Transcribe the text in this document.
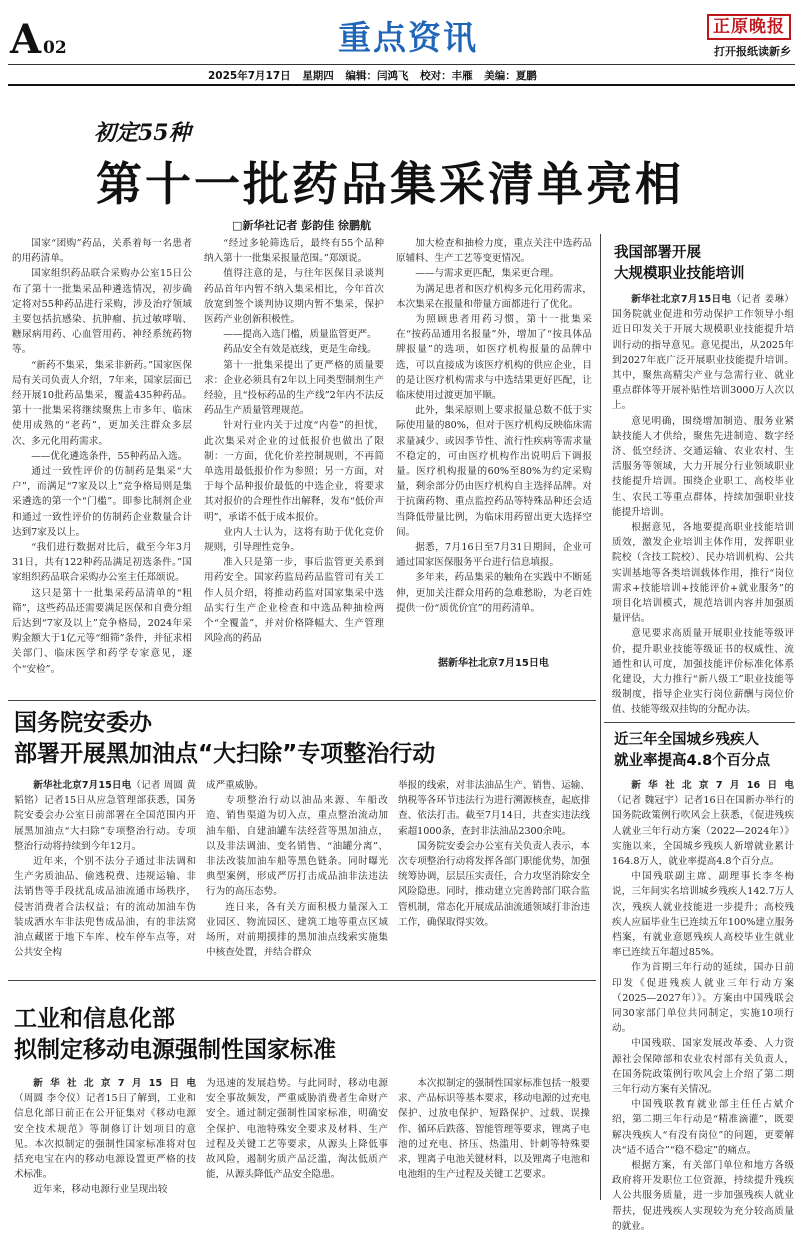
A 02	重点资讯	正原晚报
打开报纸读新乡
2025年7月17日 星期四 编辑：闫鸿飞 校对：丰雁 美编：夏鹏
初定55种
第十一批药品集采清单亮相
□新华社记者 彭韵佳 徐鹏航

国家“团购”药品，关系着每一名患者的用药清单。

国家组织药品联合采购办公室15日公布了第十一批集采品种遴选情况，初步确定将对55种药品进行采购，涉及治疗领域主要包括抗感染、抗肿瘤、抗过敏哮喘、糖尿病用药、心血管用药、神经系统药物等。

“新药不集采，集采非新药。”国家医保局有关司负责人介绍，7年来，国家层面已经开展10批药品集采，覆盖435种药品。第十一批集采将继续聚焦上市多年、临床使用成熟的“老药”，更加关注群众多层次、多元化用药需求。

——优化遴选条件，55种药品入选。

通过一致性评价的仿制药是集采“大户”，而满足“7家及以上”竞争格局则是集采遴选的第一个“门槛”。即参比制剂企业和通过一致性评价的仿制药企业数量合计达到7家及以上。

“我们进行数据对比后，截至今年3月31日，共有122种药品满足初选条件。”国家组织药品联合采购办公室主任郑颂说。

这只是第十一批集采药品清单的“粗筛”，这些药品还需要满足医保和自费分组后达到“7家及以上”竞争格局，2024年采购金额大于1亿元等“细筛”条件，并征求相关部门、临床医学和药学专家意见，逐个“安检”。

“经过多轮筛选后，最终有55个品种纳入第十一批集采报量范围。”郑颂说。

值得注意的是，与往年医保目录谈判药品首年内暂不纳入集采相比，今年首次放宽到签个谈判协议期内暂不集采，保护医药产业创新积极性。

——提高入选门槛，质量监管更严。

药品安全有效是底线，更是生命线。

第十一批集采提出了更严格的质量要求：企业必须具有2年以上同类型制剂生产经验，且“投标药品的生产线”2年内不法反药品生产质量管理规范。

针对行业内关于过度“内卷”的担忧，此次集采对企业的过低报价也做出了限制：一方面，优化价差控制规则，不再简单选用最低报价作为参照；另一方面，对于每个品种报价最低的中选企业，将要求其对报价的合理性作出解释，发布“低价声明”，承诺不低于成本报价。

业内人士认为，这将有助于优化竞价规则，引导理性竞争。

准入只是第一步，事后监管更关系到用药安全。国家药监局药品监管司有关工作人员介绍，将推动药监对国家集采中选品实行生产企业检查和中选品种抽检两个“全覆盖”，并对价格降幅大、生产管理风险高的药品

加大检查和抽检力度，重点关注中选药品原辅料、生产工艺等变更情况。

——与需求更匹配，集采更合理。

为满足患者和医疗机构多元化用药需求，本次集采在报量和带量方面都进行了优化。

为照顾患者用药习惯，第十一批集采在“按药品通用名报量”外，增加了“按具体品牌报量”的选项，如医疗机构报量的品牌中选，可以直接成为该医疗机构的供应企业，目的是让医疗机构需求与中选结果更好匹配，让临床使用过渡更加平顺。

此外，集采原则上要求报量总数不低于实际使用量的80%，但对于医疗机构反映临床需求量减少、或因季节性、流行性疾病等需求量不稳定的，可由医疗机构作出说明后下调报量。医疗机构报量的60%至80%为约定采购量，剩余部分仍由医疗机构自主选择品牌。对于抗菌药物、重点监控药品等特殊品种还会适当降低带量比例，为临床用药留出更大选择空间。

据悉，7月16日至7月31日期间，企业可通过国家医保服务平台进行信息填报。

多年来，药品集采的触角在实践中不断延伸，更加关注群众用药的急难愁盼，为老百姓提供一份“质优价宜”的用药清单。

据新华社北京7月15日电
我国部署开展
大规模职业技能培训

新华社北京7月15日电（记者 姜琳）国务院就业促进和劳动保护工作领导小组近日印发关于开展大规模职业技能提升培训行动的指导意见。意见提出，从2025年到2027年底广泛开展职业技能提升培训。其中，聚焦高精尖产业与急需行业、就业重点群体等开展补贴性培训3000万人次以上。

意见明确，围绕增加制造、服务业紧缺技能人才供给，聚焦先进制造、数字经济、低空经济、交通运输、农业农村、生活服务等领域，大力开展分行业领域职业技能提升培训。围绕企业职工、高校毕业生、农民工等重点群体，持续加强职业技能提升培训。

根据意见，各地要提高职业技能培训质效，激发企业培训主体作用，发挥职业院校（含技工院校）、民办培训机构、公共实训基地等各类培训载体作用，推行“岗位需求+技能培训+技能评价+就业服务”的项目化培训模式，规范培训内容并加强质量评估。

意见要求高质量开展职业技能等级评价，提升职业技能等级证书的权威性、流通性和认可度，加强技能评价标准化体系化建设，大力推行“新八级工”职业技能等级制度，指导企业实行岗位薪酬与岗位价值、技能等级双挂钩的分配办法。

近三年全国城乡残疾人
就业率提高4.8个百分点

新华社北京7月16日电（记者 魏冠宇）记者16日在国新办举行的国务院政策例行吹风会上获悉，《促进残疾人就业三年行动方案（2022—2024年）》实施以来，全国城乡残疾人新增就业累计164.8万人，就业率提高4.8个百分点。

中国残联副主席、副理事长李冬梅说，三年间实名培训城乡残疾人142.7万人次，残疾人就业技能进一步提升；高校残疾人应届毕业生已连续五年100%建立服务档案，有就业意愿残疾人高校毕业生就业率已连续五年超过85%。

作为首期三年行动的延续，国办日前印发《促进残疾人就业三年行动方案（2025—2027年）》。方案由中国残联会同30家部门单位共同制定，实施10项行动。

中国残联、国家发展改革委、人力资源社会保障部和农业农村部有关负责人，在国务院政策例行吹风会上介绍了第二期三年行动方案有关情况。

中国残联教育就业部主任任占斌介绍，第二期三年行动是“精准滴灌”，既要解决残疾人“有没有岗位”的问题，更要解决“适不适合”“稳不稳定”的痛点。

根据方案，有关部门单位和地方各级政府将开发职位工位资源，持续提升残疾人公共服务质量，进一步加强残疾人就业帮扶，促进残疾人实现较为充分较高质量的就业。

国务院安委办
部署开展黑加油点“大扫除”专项整治行动

新华社北京7月15日电（记者 周圆 黄韬铭）记者15日从应急管理部获悉，国务院安委会办公室日前部署在全国范围内开展黑加油点“大扫除”专项整治行动。专项整治行动将持续到今年12月。

近年来，个别不法分子通过非法调和生产劣质油品、偷逃税费、违规运输、非法销售等手段扰乱成品油流通市场秩序，侵害消费者合法权益；有的流动加油车伪装成洒水车非法兜售成品油，有的非法窝油点藏匿于地下车库、校车停车点等，对公共安全构

成严重威胁。

专项整治行动以油品来源、车船改造、销售渠道为切入点，重点整治流动加油车船、自建油罐车法经营等黑加油点，以及非法调油、变名销售、“油罐分离”、非法改装加油车船等黑色链条。同时曝光典型案例，形成严厉打击成品油非法违法行为的高压态势。

连日来，各有关方面积极力量深入工业园区、物流园区、建筑工地等重点区域场所，对前期摸排的黑加油点线索实施集中核查处置，并结合群众

举报的线索，对非法油品生产、销售、运输、纳税等各环节违法行为进行溯源核查，起底排查、依法打击。截至7月14日，共查实违法线索超1000条，查封非法油品2300余吨。

国务院安委会办公室有关负责人表示，本次专项整治行动将发挥各部门职能优势，加强统筹协调，层层压实责任，合力攻坚消除安全风险隐患。同时，推动建立完善跨部门联合监管机制，常态化开展成品油流通领域打非治违工作，确保取得实效。

工业和信息化部
拟制定移动电源强制性国家标准

新华社北京7月15日电（周圆 李令仪）记者15日了解到，工业和信息化部日前正在公开征集对《移动电源安全技术规范》等制修订计划项目的意见。本次拟制定的强制性国家标准将对包括充电宝在内的移动电源设置更严格的技术标准。

近年来，移动电源行业呈现出较

为迅速的发展趋势。与此同时，移动电源安全事故频发，严重威胁消费者生命财产安全。通过制定强制性国家标准，明确安全保护、电池特殊安全要求及材料、生产过程及关键工艺等要求，从源头上降低事故风险，遏制劣质产品泛滥，淘汰低质产能，从源头降低产品安全隐患。

本次拟制定的强制性国家标准包括一般要求、产品标识等基本要求，移动电源的过充电保护、过放电保护、短路保护、过载、误操作、循环后跌落、智能管理等要求，锂离子电池的过充电、挤压、热滥用、针刺等特殊要求，锂离子电池关键材料，以及锂离子电池和电池组的生产过程及关键工艺要求。
